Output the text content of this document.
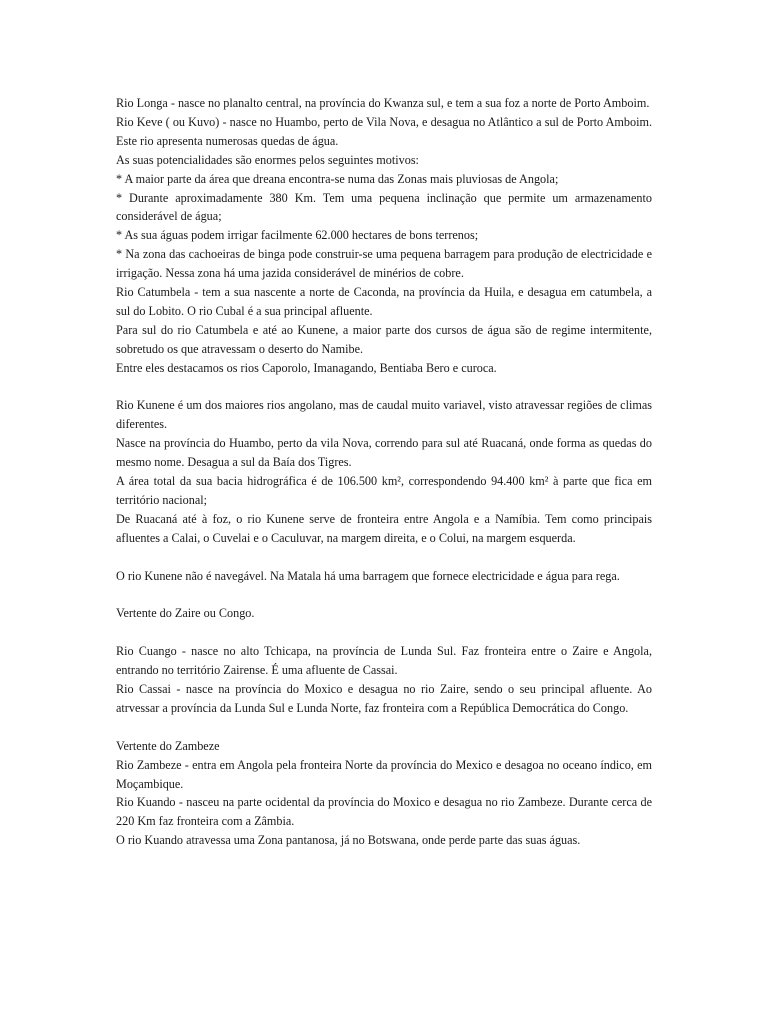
Rio Longa - nasce no planalto central, na província do Kwanza sul, e tem a sua foz a norte de Porto Amboim.

Rio Keve ( ou Kuvo) - nasce no Huambo, perto de Vila Nova, e desagua no Atlântico a sul de Porto Amboim. Este rio apresenta numerosas quedas de água.

As suas potencialidades são enormes pelos seguintes motivos:

* A maior parte da área que dreana encontra-se numa das Zonas mais pluviosas de Angola;

* Durante aproximadamente 380 Km. Tem uma pequena inclinação que permite um armazenamento considerável de água;

* As sua águas podem irrigar facilmente 62.000 hectares de bons terrenos;

* Na zona das cachoeiras de binga pode construir-se uma pequena barragem para produção de electricidade e irrigação. Nessa zona há uma jazida considerável de minérios de cobre.

Rio Catumbela - tem a sua nascente a norte de Caconda, na província da Huila, e desagua em catumbela, a sul do Lobito. O rio Cubal é a sua principal afluente.

Para sul do rio Catumbela e até ao Kunene, a maior parte dos cursos de água são de regime intermitente, sobretudo os que atravessam o deserto do Namibe.

Entre eles destacamos os rios Caporolo, Imanagando, Bentiaba Bero e curoca.

Rio Kunene é um dos maiores rios angolano, mas de caudal muito variavel, visto atravessar regiões de climas diferentes.

Nasce na província do Huambo, perto da vila Nova, correndo para sul até Ruacaná, onde forma as quedas do mesmo nome. Desagua a sul da Baía dos Tigres.

A área total da sua bacia hidrográfica é de 106.500 km², correspondendo 94.400 km² à parte que fica em território nacional;

De Ruacaná até à foz, o rio Kunene serve de fronteira entre Angola e a Namíbia. Tem como principais afluentes a Calai, o Cuvelai e o Caculuvar, na margem direita, e o Colui, na margem esquerda.

O rio Kunene não é navegável. Na Matala há uma barragem que fornece electricidade e água para rega.

Vertente do Zaire ou Congo.

Rio Cuango - nasce no alto Tchicapa, na província de Lunda Sul. Faz fronteira entre o Zaire e Angola, entrando no território Zairense. É uma afluente de Cassai.

Rio Cassai - nasce na província do Moxico e desagua no rio Zaire, sendo o seu principal afluente. Ao atrvessar a província da Lunda Sul e Lunda Norte, faz fronteira com a República Democrática do Congo.

Vertente do Zambeze

Rio Zambeze - entra em Angola pela fronteira Norte da província do Mexico e desagoa no oceano índico, em Moçambique.

Rio Kuando - nasceu na parte ocidental da província do Moxico e desagua no rio Zambeze. Durante cerca de 220 Km faz fronteira com a Zâmbia.

O rio Kuando atravessa uma Zona pantanosa, já no Botswana, onde perde parte das suas águas.
